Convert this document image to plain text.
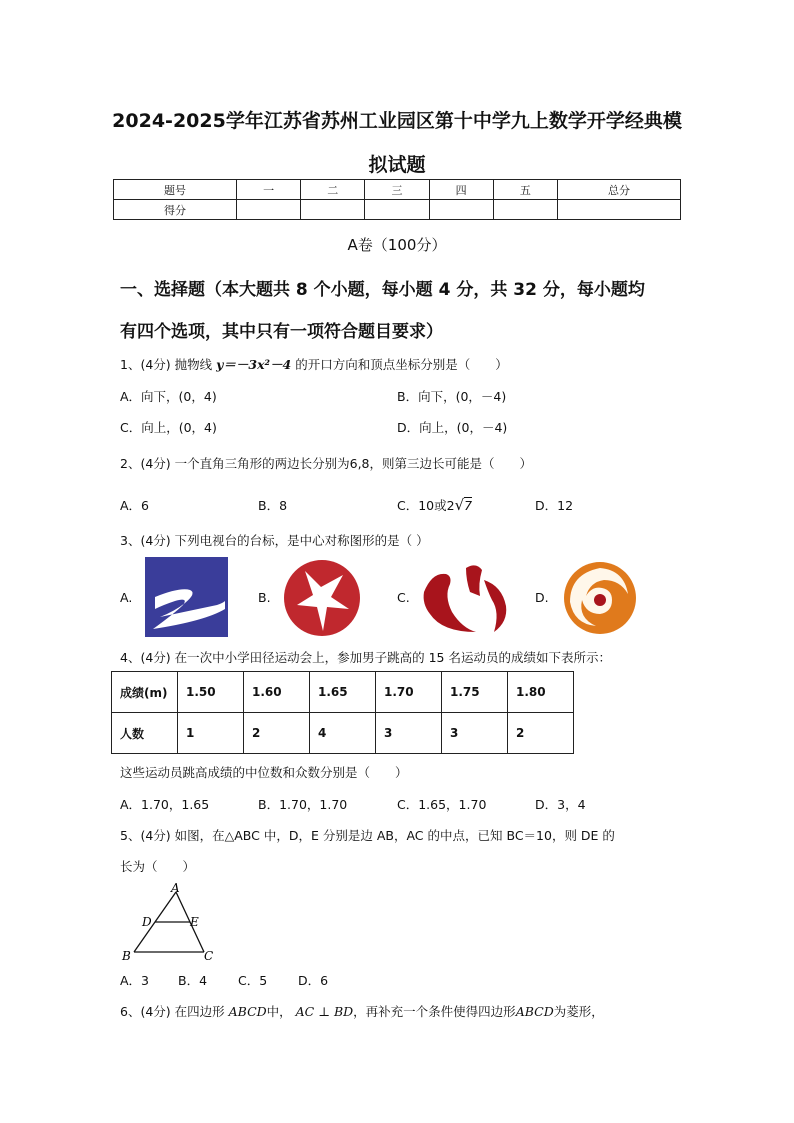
2024-2025学年江苏省苏州工业园区第十中学九上数学开学经典模
拟试题
题号	一	二	三	四	五	总分
得分						
A卷（100分）
一、选择题（本大题共 8 个小题，每小题 4 分，共 32 分，每小题均
有四个选项，其中只有一项符合题目要求）
1、(4分) 抛物线 y＝－3x²－4 的开口方向和顶点坐标分别是（　　）
A．向下，(0，4)	B．向下，(0，－4)
C．向上，(0，4)	D．向上，(0，－4)
2、(4分) 一个直角三角形的两边长分别为6,8，则第三边长可能是（　　）
A．6	B．8	C．10或2√7	D．12
3、(4分) 下列电视台的台标，是中心对称图形的是（ ）
A.	B.	C.	D.
4、(4分) 在一次中小学田径运动会上，参加男子跳高的 15 名运动员的成绩如下表所示：
成绩(m)	1.50	1.60	1.65	1.70	1.75	1.80
人数	1	2	4	3	3	2
这些运动员跳高成绩的中位数和众数分别是（　　）
A．1.70，1.65	B．1.70，1.70	C．1.65，1.70	D．3，4
5、(4分) 如图，在△ABC 中，D，E 分别是边 AB，AC 的中点，已知 BC＝10，则 DE 的
长为（　　）
A
D	E
B	C
A．3 B．4 C．5 D．6
6、(4分) 在四边形 ABCD中， AC ⊥ BD，再补充一个条件使得四边形ABCD为菱形，
